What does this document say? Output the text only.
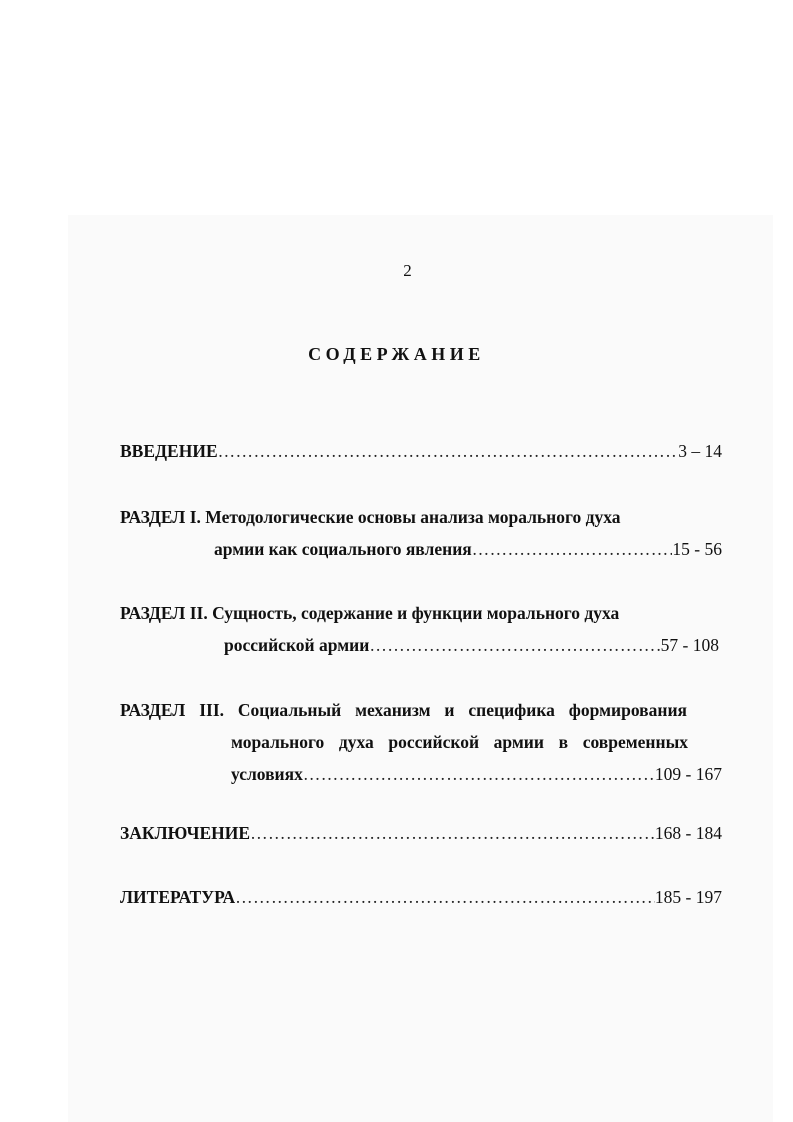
2
СОДЕРЖАНИЕ
ВВЕДЕНИЕ ……………………………………………………………………………………………………………………………………………	3 – 14
РАЗДЕЛ I. Методологические основы анализа морального духа
армии как социального явления ……………………………………………………………………………………………………………………………………………	15 - 56
РАЗДЕЛ II. Сущность, содержание и функции морального духа
российской армии ……………………………………………………………………………………………………………………………………………	57 - 108
РАЗДЕЛ III. Социальный механизм и специфика формирования
морального духа российской армии в современных
условиях ……………………………………………………………………………………………………………………………………………	109 - 167
ЗАКЛЮЧЕНИЕ ……………………………………………………………………………………………………………………………………………	168 - 184
ЛИТЕРАТУРА ……………………………………………………………………………………………………………………………………………	185 - 197
